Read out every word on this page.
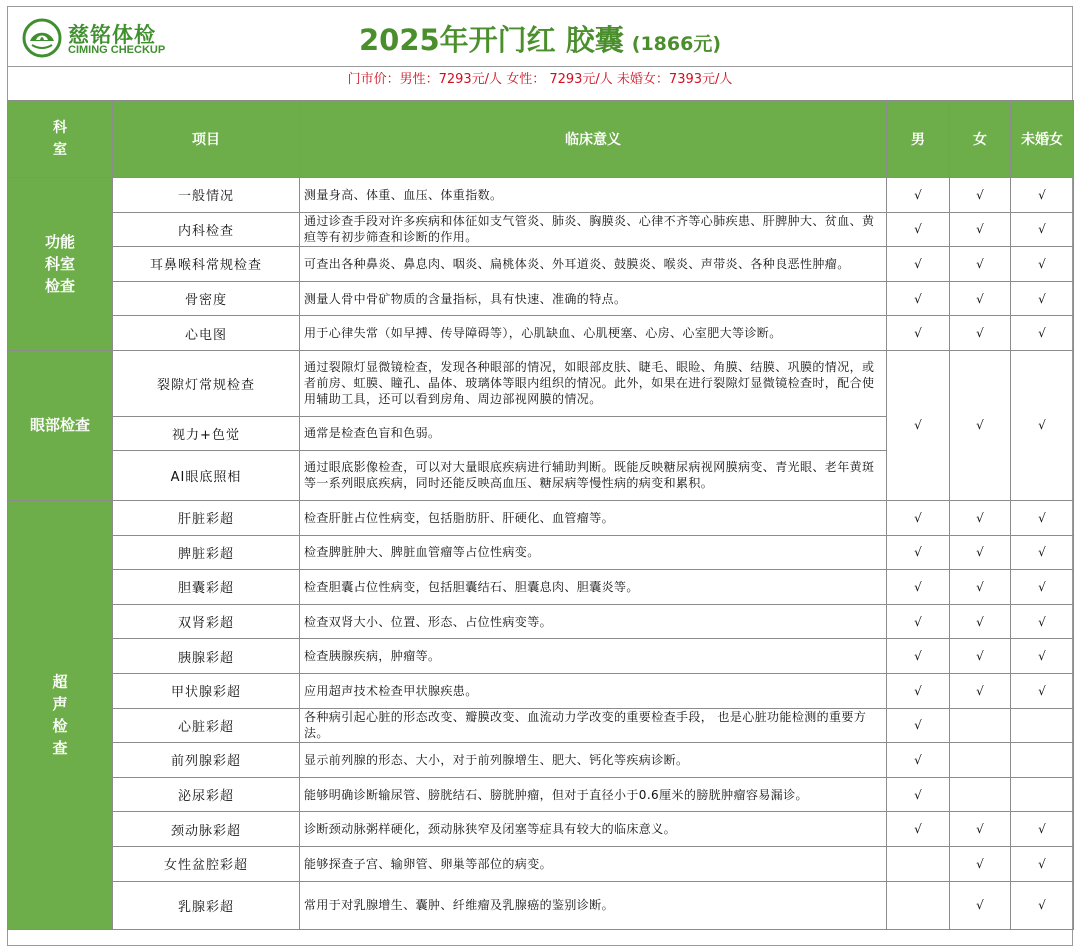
慈铭体检
CIMING CHECKUP	2025年开门红 胶囊 (1866元)
门市价：男性：7293元/人 女性： 7293元/人 未婚女：7393元/人
科室	项目	临床意义	男	女	未婚女
功能科室检查	一般情况	测量身高、体重、血压、体重指数。	√	√	√
	内科检查	通过诊查手段对许多疾病和体征如支气管炎、肺炎、胸膜炎、心律不齐等心肺疾患、肝脾肿大、贫血、黄疸等有初步筛查和诊断的作用。	√	√	√
	耳鼻喉科常规检查	可查出各种鼻炎、鼻息肉、咽炎、扁桃体炎、外耳道炎、鼓膜炎、喉炎、声带炎、各种良恶性肿瘤。	√	√	√
	骨密度	测量人骨中骨矿物质的含量指标，具有快速、准确的特点。	√	√	√
	心电图	用于心律失常（如早搏、传导障碍等），心肌缺血、心肌梗塞、心房、心室肥大等诊断。	√	√	√
眼部检查	裂隙灯常规检查	通过裂隙灯显微镜检查，发现各种眼部的情况，如眼部皮肤、睫毛、眼睑、角膜、结膜、巩膜的情况，或者前房、虹膜、瞳孔、晶体、玻璃体等眼内组织的情况。此外，如果在进行裂隙灯显微镜检查时，配合使用辅助工具，还可以看到房角、周边部视网膜的情况。	√	√	√
	视力+色觉	通常是检查色盲和色弱。			
	AI眼底照相	通过眼底影像检查，可以对大量眼底疾病进行辅助判断。既能反映糖尿病视网膜病变、青光眼、老年黄斑等一系列眼底疾病，同时还能反映高血压、糖尿病等慢性病的病变和累积。			
超声检查	肝脏彩超	检查肝脏占位性病变，包括脂肪肝、肝硬化、血管瘤等。	√	√	√
	脾脏彩超	检查脾脏肿大、脾脏血管瘤等占位性病变。	√	√	√
	胆囊彩超	检查胆囊占位性病变，包括胆囊结石、胆囊息肉、胆囊炎等。	√	√	√
	双肾彩超	检查双肾大小、位置、形态、占位性病变等。	√	√	√
	胰腺彩超	检查胰腺疾病，肿瘤等。	√	√	√
	甲状腺彩超	应用超声技术检查甲状腺疾患。	√	√	√
	心脏彩超	各种病引起心脏的形态改变、瓣膜改变、血流动力学改变的重要检查手段， 也是心脏功能检测的重要方法。	√		
	前列腺彩超	显示前列腺的形态、大小，对于前列腺增生、肥大、钙化等疾病诊断。	√		
	泌尿彩超	能够明确诊断输尿管、膀胱结石、膀胱肿瘤，但对于直径小于0.6厘米的膀胱肿瘤容易漏诊。	√		
	颈动脉彩超	诊断颈动脉粥样硬化，颈动脉狭窄及闭塞等症具有较大的临床意义。	√	√	√
	女性盆腔彩超	能够探查子宫、输卵管、卵巢等部位的病变。		√	√
	乳腺彩超	常用于对乳腺增生、囊肿、纤维瘤及乳腺癌的鉴别诊断。		√	√
